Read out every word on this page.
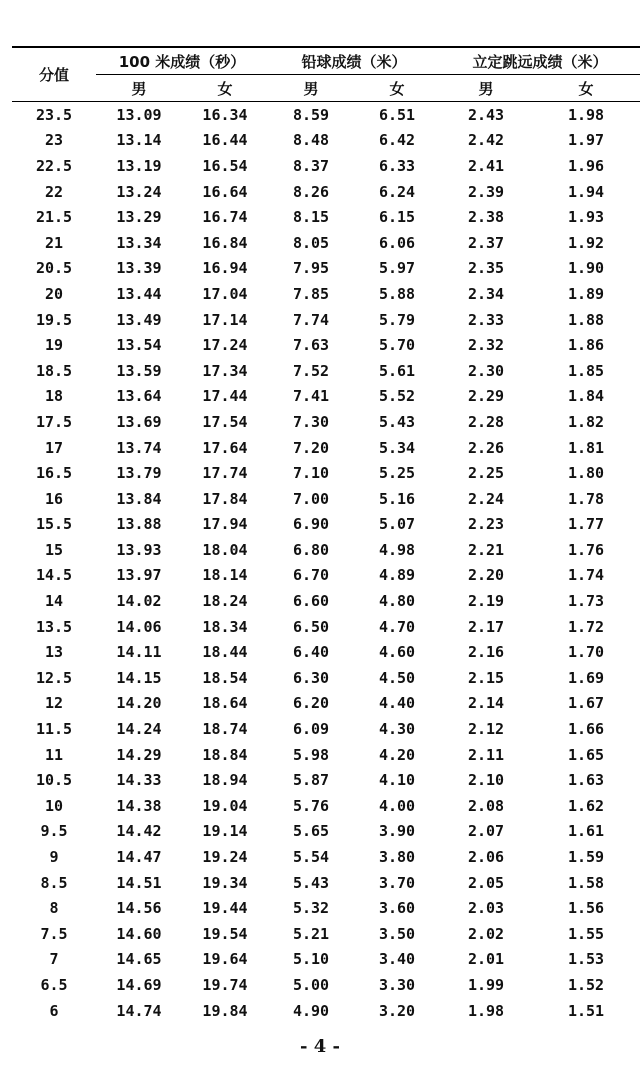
分值	100 米成绩（秒）		铅球成绩（米）		立定跳远成绩（米）	
	男	女	男	女	男	女
23.5	13.09	16.34	8.59	6.51	2.43	1.98
23	13.14	16.44	8.48	6.42	2.42	1.97
22.5	13.19	16.54	8.37	6.33	2.41	1.96
22	13.24	16.64	8.26	6.24	2.39	1.94
21.5	13.29	16.74	8.15	6.15	2.38	1.93
21	13.34	16.84	8.05	6.06	2.37	1.92
20.5	13.39	16.94	7.95	5.97	2.35	1.90
20	13.44	17.04	7.85	5.88	2.34	1.89
19.5	13.49	17.14	7.74	5.79	2.33	1.88
19	13.54	17.24	7.63	5.70	2.32	1.86
18.5	13.59	17.34	7.52	5.61	2.30	1.85
18	13.64	17.44	7.41	5.52	2.29	1.84
17.5	13.69	17.54	7.30	5.43	2.28	1.82
17	13.74	17.64	7.20	5.34	2.26	1.81
16.5	13.79	17.74	7.10	5.25	2.25	1.80
16	13.84	17.84	7.00	5.16	2.24	1.78
15.5	13.88	17.94	6.90	5.07	2.23	1.77
15	13.93	18.04	6.80	4.98	2.21	1.76
14.5	13.97	18.14	6.70	4.89	2.20	1.74
14	14.02	18.24	6.60	4.80	2.19	1.73
13.5	14.06	18.34	6.50	4.70	2.17	1.72
13	14.11	18.44	6.40	4.60	2.16	1.70
12.5	14.15	18.54	6.30	4.50	2.15	1.69
12	14.20	18.64	6.20	4.40	2.14	1.67
11.5	14.24	18.74	6.09	4.30	2.12	1.66
11	14.29	18.84	5.98	4.20	2.11	1.65
10.5	14.33	18.94	5.87	4.10	2.10	1.63
10	14.38	19.04	5.76	4.00	2.08	1.62
9.5	14.42	19.14	5.65	3.90	2.07	1.61
9	14.47	19.24	5.54	3.80	2.06	1.59
8.5	14.51	19.34	5.43	3.70	2.05	1.58
8	14.56	19.44	5.32	3.60	2.03	1.56
7.5	14.60	19.54	5.21	3.50	2.02	1.55
7	14.65	19.64	5.10	3.40	2.01	1.53
6.5	14.69	19.74	5.00	3.30	1.99	1.52
6	14.74	19.84	4.90	3.20	1.98	1.51
- 4 -
